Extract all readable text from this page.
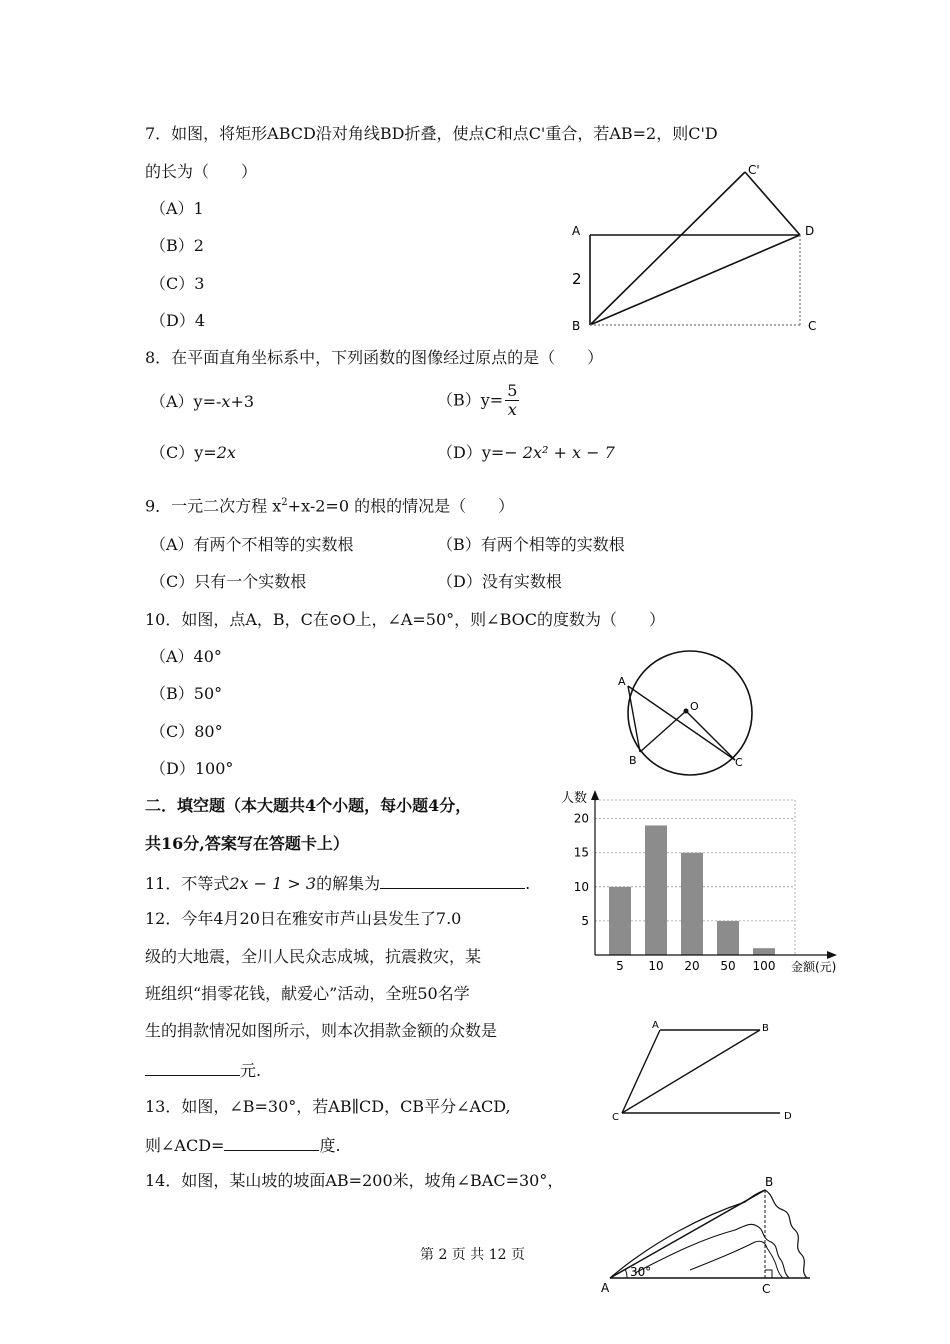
7．如图，将矩形ABCD沿对角线BD折叠，使点C和点C'重合，若AB=2，则C'D
的长为（　　）
（A）1
（B）2
（C）3
（D）4
A
B	C
D
C'
2
8．在平面直角坐标系中，下列函数的图像经过原点的是（　　）
（A）y=-x+3	$(B)y= \frac{5}{x}$
（C）y=2x	（D）y=− 2x² + x − 7
9．一元二次方程 $x^2+x-2=0$ 的根的情况是（　　）
（A）有两个不相等的实数根	（B）有两个相等的实数根
（C）只有一个实数根	（D）没有实数根
10．如图，点A，B，C在⊙O上，∠A=50°，则∠BOC的度数为（　　）
（A）40°
（B）50°
（C）80°
（D）100°
A
B	C
O
二．填空题（本大题共4个小题，每小题4分，
共16分,答案写在答题卡上）
5
10
15
20
5 10 20 50 100
人数
金额(元)
11．不等式2x − 1 > 3的解集为	.
12．今年4月20日在雅安市芦山县发生了7.0
级的大地震，全川人民众志成城，抗震救灾，某
班组织“捐零花钱，献爱心”活动，全班50名学
生的捐款情况如图所示，则本次捐款金额的众数是
元.
A	B
C	D
13．如图，∠B=30°，若AB∥CD，CB平分∠ACD,
则∠ACD=	度.
14．如图，某山坡的坡面AB=200米，坡角∠BAC=30°，
30°
A
B
C
第 2 页 共 12 页
